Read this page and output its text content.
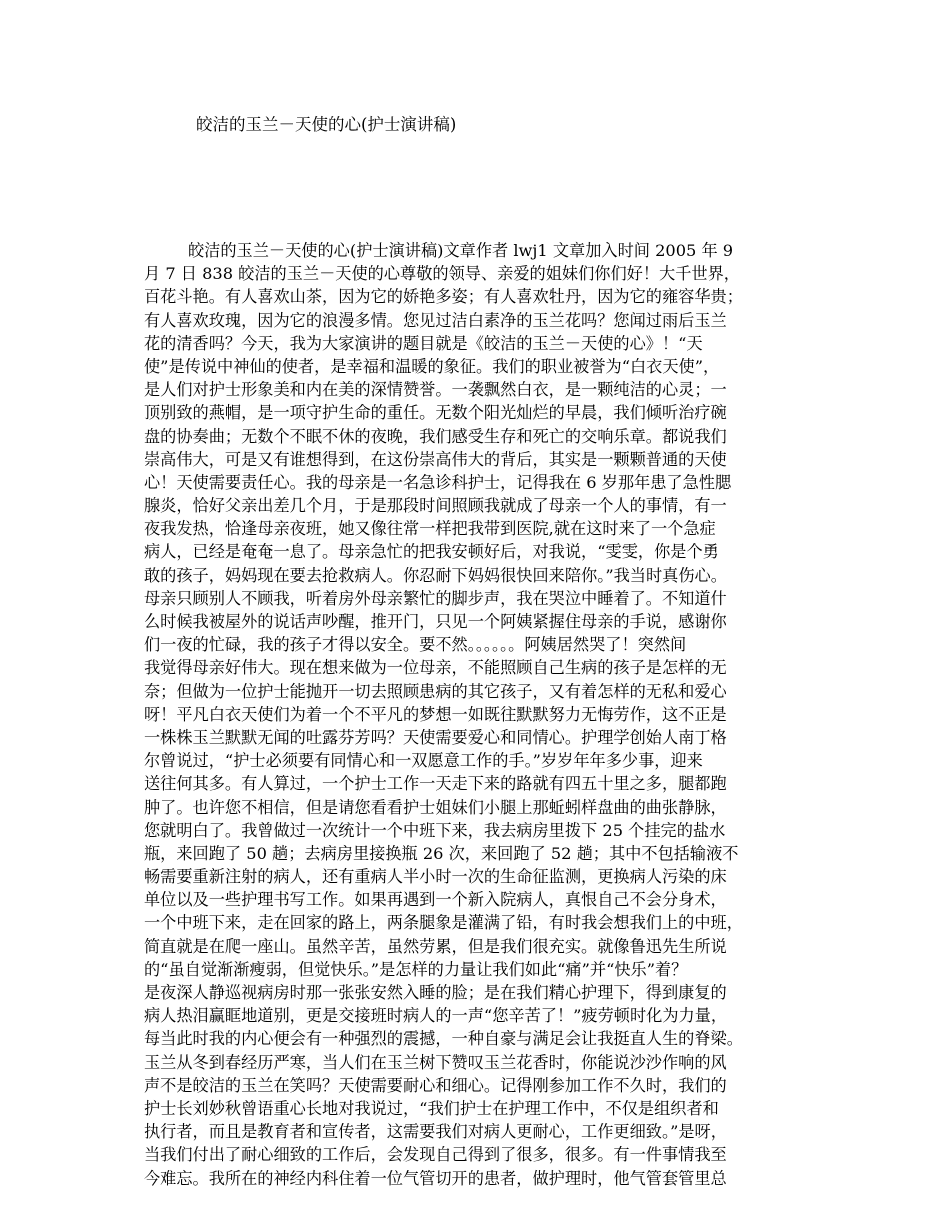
皎洁的玉兰－天使的心(护士演讲稿)
皎洁的玉兰－天使的心(护士演讲稿)文章作者 lwj1 文章加入时间 2005 年 9
月 7 日 838 皎洁的玉兰－天使的心尊敬的领导、亲爱的姐妹们你们好！大千世界，
百花斗艳。有人喜欢山茶，因为它的娇艳多姿；有人喜欢牡丹，因为它的雍容华贵；
有人喜欢玫瑰，因为它的浪漫多情。您见过洁白素净的玉兰花吗？您闻过雨后玉兰
花的清香吗？今天，我为大家演讲的题目就是《皎洁的玉兰－天使的心》！“天
使”是传说中神仙的使者，是幸福和温暖的象征。我们的职业被誉为“白衣天使”，
是人们对护士形象美和内在美的深情赞誉。一袭飘然白衣，是一颗纯洁的心灵；一
顶别致的燕帽，是一项守护生命的重任。无数个阳光灿烂的早晨，我们倾听治疗碗
盘的协奏曲；无数个不眠不休的夜晚，我们感受生存和死亡的交响乐章。都说我们
崇高伟大，可是又有谁想得到，在这份崇高伟大的背后，其实是一颗颗普通的天使
心！天使需要责任心。我的母亲是一名急诊科护士，记得我在 6 岁那年患了急性腮
腺炎，恰好父亲出差几个月，于是那段时间照顾我就成了母亲一个人的事情，有一
夜我发热，恰逢母亲夜班，她又像往常一样把我带到医院,就在这时来了一个急症
病人，已经是奄奄一息了。母亲急忙的把我安顿好后，对我说，“雯雯，你是个勇
敢的孩子，妈妈现在要去抢救病人。你忍耐下妈妈很快回来陪你。”我当时真伤心。
母亲只顾别人不顾我，听着房外母亲繁忙的脚步声，我在哭泣中睡着了。不知道什
么时候我被屋外的说话声吵醒，推开门，只见一个阿姨紧握住母亲的手说，感谢你
们一夜的忙碌，我的孩子才得以安全。要不然。。。。。。阿姨居然哭了！突然间
我觉得母亲好伟大。现在想来做为一位母亲，不能照顾自己生病的孩子是怎样的无
奈；但做为一位护士能抛开一切去照顾患病的其它孩子，又有着怎样的无私和爱心
呀！平凡白衣天使们为着一个不平凡的梦想一如既往默默努力无悔劳作，这不正是
一株株玉兰默默无闻的吐露芬芳吗？天使需要爱心和同情心。护理学创始人南丁格
尔曾说过，“护士必须要有同情心和一双愿意工作的手。”岁岁年年多少事，迎来
送往何其多。有人算过，一个护士工作一天走下来的路就有四五十里之多，腿都跑
肿了。也许您不相信，但是请您看看护士姐妹们小腿上那蚯蚓样盘曲的曲张静脉，
您就明白了。我曾做过一次统计一个中班下来，我去病房里拨下 25 个挂完的盐水
瓶，来回跑了 50 趟；去病房里接换瓶 26 次，来回跑了 52 趟；其中不包括输液不
畅需要重新注射的病人，还有重病人半小时一次的生命征监测，更换病人污染的床
单位以及一些护理书写工作。如果再遇到一个新入院病人，真恨自己不会分身术，
一个中班下来，走在回家的路上，两条腿象是灌满了铅，有时我会想我们上的中班，
简直就是在爬一座山。虽然辛苦，虽然劳累，但是我们很充实。就像鲁迅先生所说
的“虽自觉渐渐瘦弱，但觉快乐。”是怎样的力量让我们如此“痛”并“快乐”着？
是夜深人静巡视病房时那一张张安然入睡的脸；是在我们精心护理下，得到康复的
病人热泪赢眶地道别，更是交接班时病人的一声“您辛苦了！”疲劳顿时化为力量，
每当此时我的内心便会有一种强烈的震撼，一种自豪与满足会让我挺直人生的脊梁。
玉兰从冬到春经历严寒，当人们在玉兰树下赞叹玉兰花香时，你能说沙沙作响的风
声不是皎洁的玉兰在笑吗？天使需要耐心和细心。记得刚参加工作不久时，我们的
护士长刘妙秋曾语重心长地对我说过，“我们护士在护理工作中，不仅是组织者和
执行者，而且是教育者和宣传者，这需要我们对病人更耐心，工作更细致。”是呀，
当我们付出了耐心细致的工作后，会发现自己得到了很多，很多。有一件事情我至
今难忘。我所在的神经内科住着一位气管切开的患者，做护理时，他气管套管里总
